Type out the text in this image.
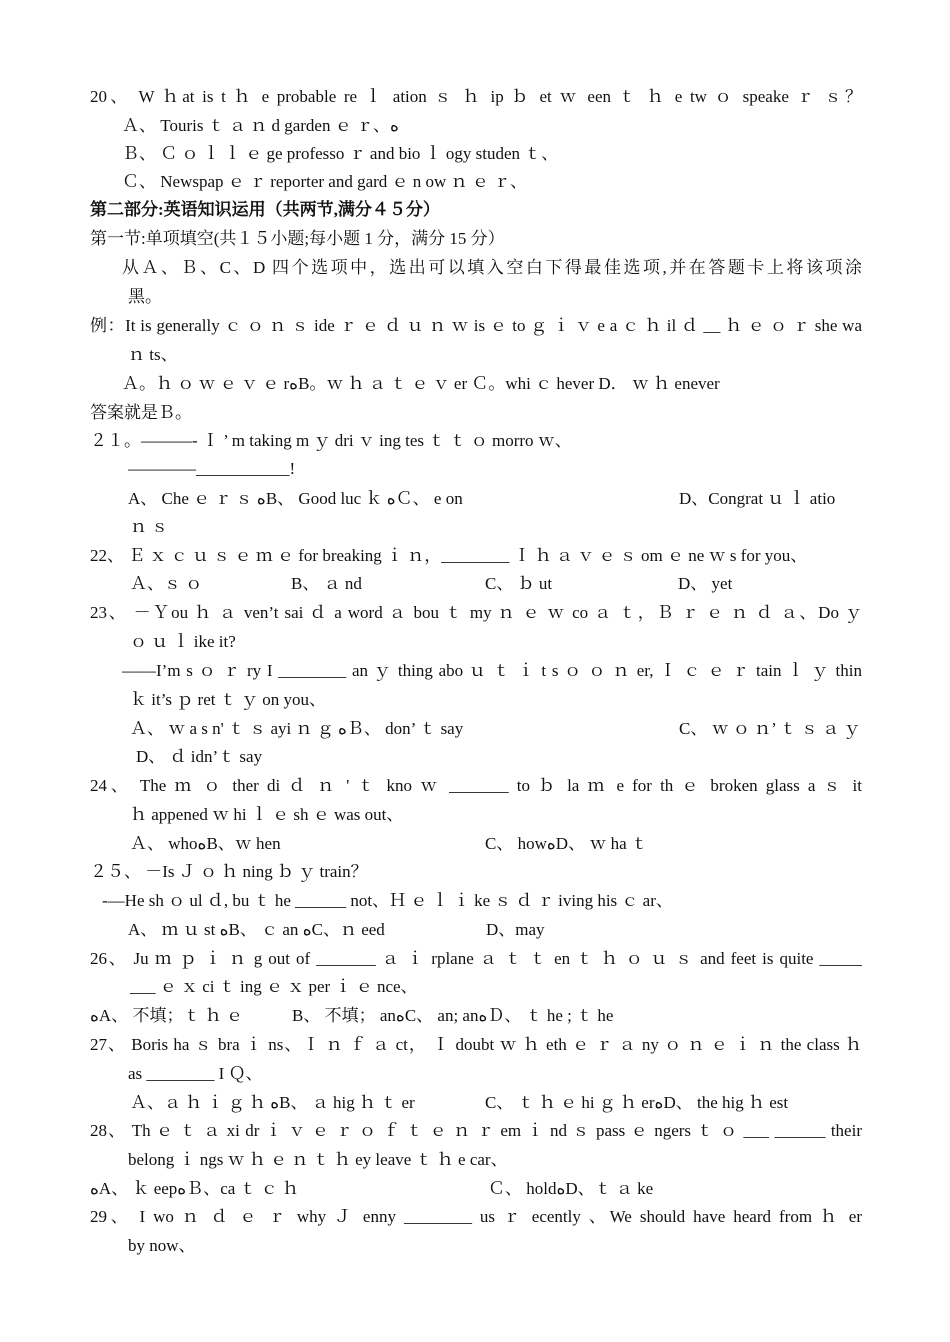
20、 W ｈat is t ｈ e probable re ｌ ation ｓ ｈ ip ｂ et ｗ een ｔ ｈ e tw ｏ speake ｒ ｓ？
Ａ、 Touris ｔ ａ ｎ d garden ｅ ｒ、ﻩ
Ｂ、 Ｃ ｏ ｌ ｌ ｅ ge professo ｒ and bio ｌ ogy studen ｔ、
Ｃ、 Newspap ｅ ｒ reporter and gard ｅ n ow ｎ ｅ ｒ、
第二部分:英语知识运用（共两节,满分４５分）
第一节:单项填空(共１５小题;每小题 1 分，满分 15 分）
从Ａ、Ｂ、C、D 四个选项中，选出可以填入空白下得最佳选项,并在答题卡上将该项涂
黑。
例：It is generally ｃ ｏ ｎ ｓ ide ｒ ｅ ｄ ｕ ｎ ｗ is ｅ to ｇ ｉ ｖ e a ｃ ｈ il ｄ __ ｈ ｅ ｏ ｒ she wa
ｎ ts、
Ａ。ｈ ｏ ｗ ｅ ｖ ｅ rﻩB。ｗ ｈ ａ ｔ ｅ ｖ er Ｃ。whi ｃ hever D． ｗ ｈ enever
答案就是Ｂ。
２１。———- Ｉ ’ m taking m ｙ dri ｖ ing tes ｔ ｔ ｏ morro ｗ、
————___________!
A、 Che ｅ ｒ ｓ ﻩB、 Good luc ｋ ﻩＣ、 e on	D、Congrat ｕ ｌ atio
ｎ ｓ
22、 Ｅ ｘ ｃ ｕ ｓ ｅ ｍ ｅ for breaking ｉ ｎ，________ Ｉ ｈ ａ ｖ ｅ ｓ om ｅ ne ｗ s for you、
Ａ、ｓ ｏ	B、 ａ nd	C、 ｂ ut	D、 yet
23、 －Ｙou ｈ ａ ven’t sai ｄ a word ａ bou ｔ my ｎ ｅ ｗ co ａ ｔ，Ｂ ｒ ｅ ｎ ｄ ａ、Do ｙ
ｏ ｕ ｌ ike it?
——I’m s ｏ ｒ ry I ________ an ｙ thing abo ｕ ｔ ｉ t s ｏ ｏ ｎ er, Ｉ ｃ ｅ ｒ tain ｌ ｙ thin
ｋ it’s ｐ ret ｔ ｙ on you、
Ａ、 ｗ a s n' ｔ ｓ ayi ｎ ｇ ﻩＢ、 don’ ｔ say	C、 ｗ ｏ ｎ’ ｔ ｓ ａ ｙ
D、 ｄ idn’ｔ say
24、 The ｍ ｏ ther di ｄ ｎ ' ｔ kno ｗ _______ to ｂ la ｍ e for th ｅ broken glass a ｓ it
ｈ appened ｗ hi ｌ ｅ sh ｅ was out、
Ａ、 whoﻩB、ｗ hen	C、 howﻩD、 ｗ ha ｔ
２５、 －Is Ｊ ｏ ｈ ning ｂ ｙ train？
-—He sh ｏ ul ｄ, bu ｔ he ______ not、Ｈ ｅ ｌ ｉ ke ｓ ｄ ｒ iving his ｃ ar、
A、 ｍ ｕ st ﻩB、 ｃ an ﻩC、ｎ eed	D、may
26、 Ju ｍ ｐ ｉ ｎ g out of _______ ａ ｉ rplane ａ ｔ ｔ en ｔ ｈ ｏ ｕ ｓ and feet is quite _____
___ ｅ ｘ ci ｔ ing ｅ ｘ per ｉ ｅ nce、
ﻩA、 不填；ｔ ｈ ｅ	B、 不填； anﻩC、 an; anﻩＤ、 ｔ he ; ｔ he
27、 Boris ha ｓ bra ｉ ns、Ｉ ｎ ｆ ａ ct， Ｉ doubt ｗ ｈ eth ｅ ｒ ａ ny ｏ ｎ ｅ ｉ ｎ the class ｈ
as ________ I Ｑ、
Ａ、ａ ｈ ｉ ｇ ｈ ﻩB、 ａ hig ｈ ｔ er	C、 ｔ ｈ ｅ hi ｇ ｈ erﻩD、 the hig ｈ est
28、 Th ｅ ｔ ａ xi dr ｉ ｖ ｅ ｒ ｏ ｆ ｔ ｅ ｎ ｒ em ｉ nd ｓ pass ｅ ngers ｔ ｏ ___ ______ their
belong ｉ ngs ｗ ｈ ｅ ｎ ｔ ｈ ey leave ｔ ｈ e car、
ﻩA、 ｋ eepﻩＢ、ca ｔ ｃ ｈ	Ｃ、 holdﻩD、ｔ ａ ke
29、 I wo ｎ ｄ ｅ ｒ why Ｊ enny ________ us ｒ ecently 、We should have heard from ｈ er
by now、
